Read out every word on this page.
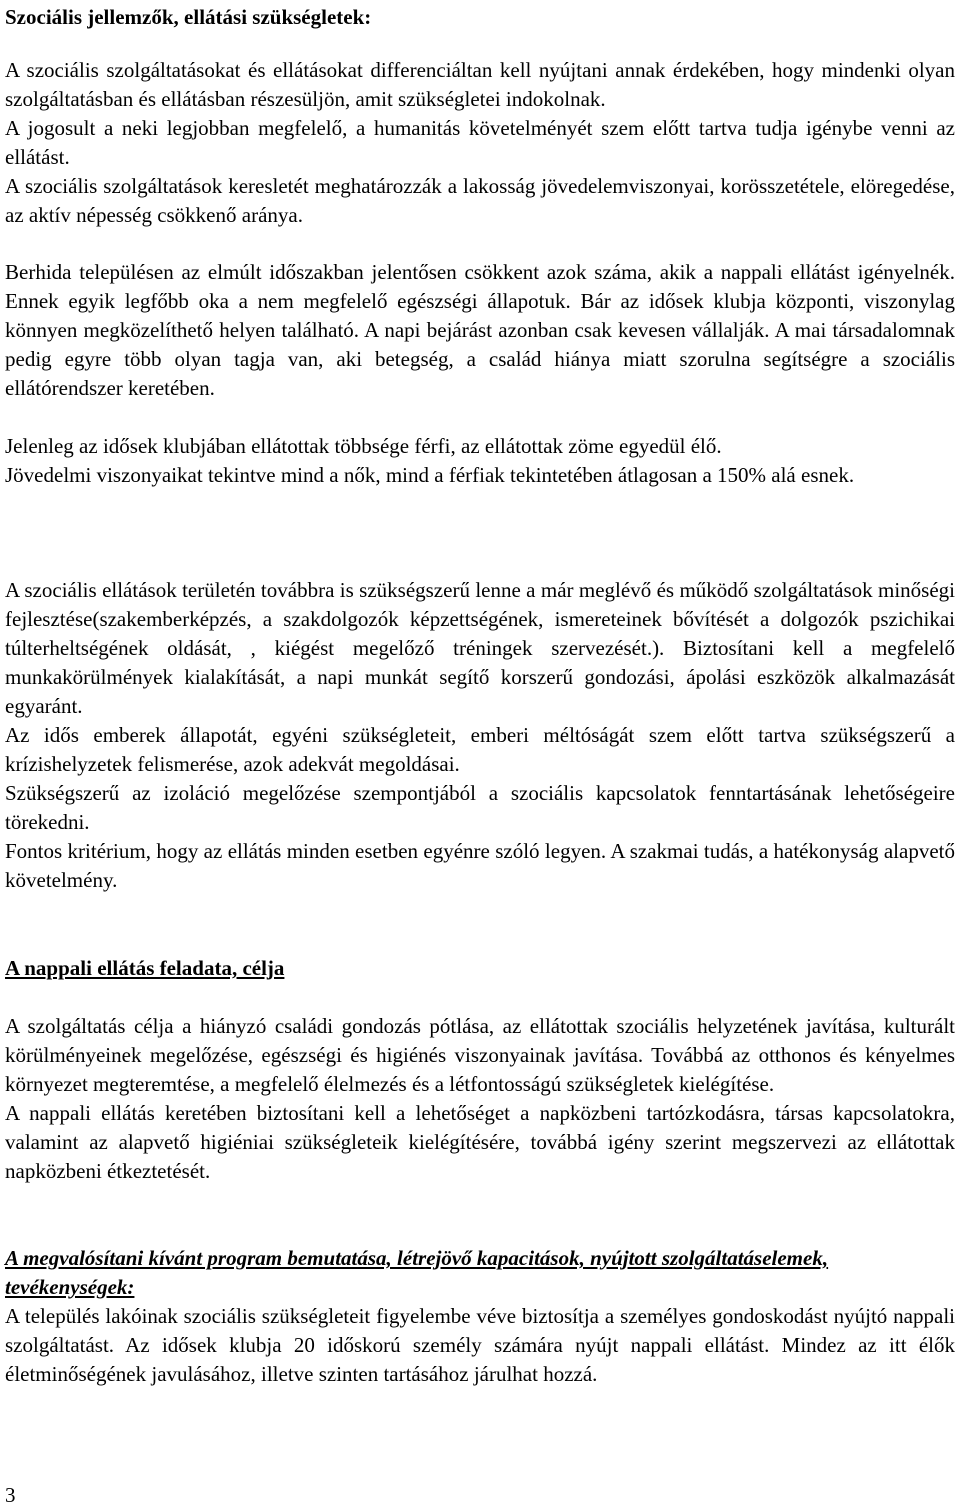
Szociális jellemzők, ellátási szükségletek:

A szociális szolgáltatásokat és ellátásokat differenciáltan kell nyújtani annak érdekében, hogy mindenki olyan szolgáltatásban és ellátásban részesüljön, amit szükségletei indokolnak.

A jogosult a neki legjobban megfelelő, a humanitás követelményét szem előtt tartva tudja igénybe venni az ellátást.

A szociális szolgáltatások keresletét meghatározzák a lakosság jövedelemviszonyai, korösszetétele, elöregedése, az aktív népesség csökkenő aránya.

Berhida településen az elmúlt időszakban jelentősen csökkent azok száma, akik a nappali ellátást igényelnék. Ennek egyik legfőbb oka a nem megfelelő egészségi állapotuk. Bár az idősek klubja központi, viszonylag könnyen megközelíthető helyen található. A napi bejárást azonban csak kevesen vállalják. A mai társadalomnak pedig egyre több olyan tagja van, aki betegség, a család hiánya miatt szorulna segítségre a szociális ellátórendszer keretében.

Jelenleg az idősek klubjában ellátottak többsége férfi, az ellátottak zöme egyedül élő.

Jövedelmi viszonyaikat tekintve mind a nők, mind a férfiak tekintetében átlagosan a 150% alá esnek.

A szociális ellátások területén továbbra is szükségszerű lenne a már meglévő és működő szolgáltatások minőségi fejlesztése(szakemberképzés, a szakdolgozók képzettségének, ismereteinek bővítését a dolgozók pszichikai túlterheltségének oldását, , kiégést megelőző tréningek szervezését.). Biztosítani kell a megfelelő munkakörülmények kialakítását, a napi munkát segítő korszerű gondozási, ápolási eszközök alkalmazását egyaránt.

Az idős emberek állapotát, egyéni szükségleteit, emberi méltóságát szem előtt tartva szükségszerű a krízishelyzetek felismerése, azok adekvát megoldásai.

Szükségszerű az izoláció megelőzése szempontjából a szociális kapcsolatok fenntartásának lehetőségeire törekedni.

Fontos kritérium, hogy az ellátás minden esetben egyénre szóló legyen. A szakmai tudás, a hatékonyság alapvető követelmény.

A nappali ellátás feladata, célja

A szolgáltatás célja a hiányzó családi gondozás pótlása, az ellátottak szociális helyzetének javítása, kulturált körülményeinek megelőzése, egészségi és higiénés viszonyainak javítása. Továbbá az otthonos és kényelmes környezet megteremtése, a megfelelő élelmezés és a létfontosságú szükségletek kielégítése.

A nappali ellátás keretében biztosítani kell a lehetőséget a napközbeni tartózkodásra, társas kapcsolatokra, valamint az alapvető higiéniai szükségleteik kielégítésére, továbbá igény szerint megszervezi az ellátottak napközbeni étkeztetését.

A megvalósítani kívánt program bemutatása, létrejövő kapacitások, nyújtott szolgáltatáselemek, tevékenységek:

A település lakóinak szociális szükségleteit figyelembe véve biztosítja a személyes gondoskodást nyújtó nappali szolgáltatást. Az idősek klubja 20 időskorú személy számára nyújt nappali ellátást. Mindez az itt élők életminőségének javulásához, illetve szinten tartásához járulhat hozzá.

3
